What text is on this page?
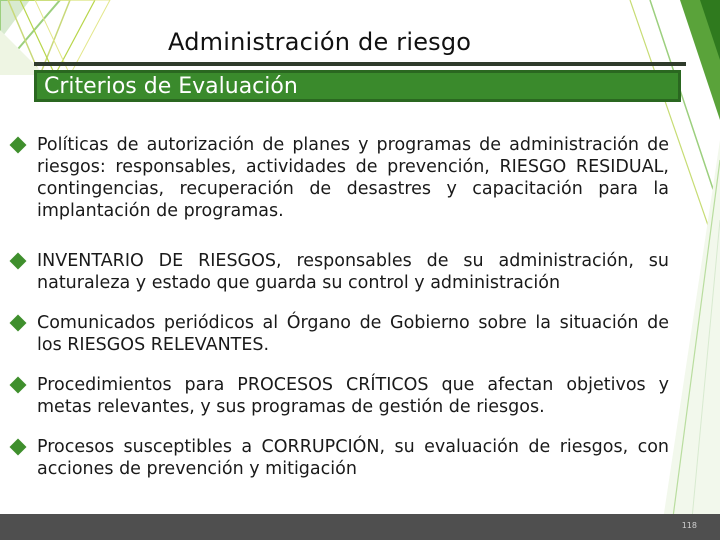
Administración de riesgo
Criterios de Evaluación

Políticas de autorización de planes y programas de administración de riesgos: responsables, actividades de prevención, RIESGO RESIDUAL, contingencias, recuperación de desastres y capacitación para la implantación de programas.

INVENTARIO DE RIESGOS, responsables de su administración, su naturaleza y estado que guarda su control y administración

Comunicados periódicos al Órgano de Gobierno sobre la situación de los RIESGOS RELEVANTES.

Procedimientos para PROCESOS CRÍTICOS que afectan objetivos y metas relevantes, y sus programas de gestión de riesgos.

Procesos susceptibles a CORRUPCIÓN, su evaluación de riesgos, con acciones de prevención y mitigación

118
